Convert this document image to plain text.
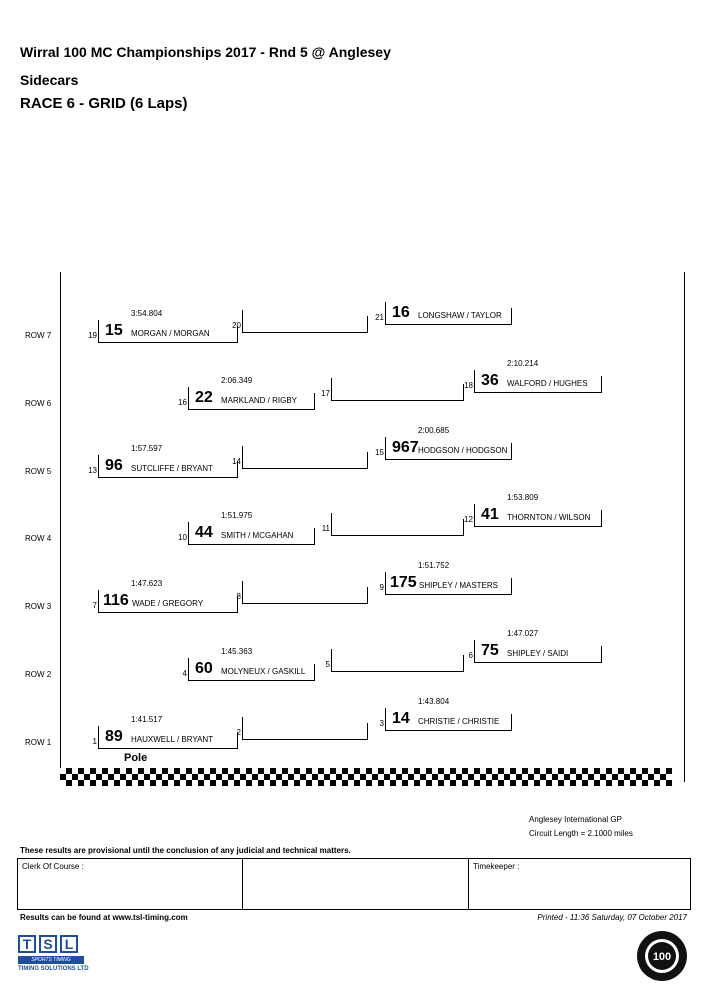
Wirral 100 MC Championships 2017 - Rnd 5 @ Anglesey
Sidecars
RACE 6 - GRID (6 Laps)
ROW 7
ROW 6
ROW 5
ROW 4
ROW 3
ROW 2
ROW 1
19
3:54.804
15 MORGAN / MORGAN
20
21 16 LONGSHAW / TAYLOR
16
2:06.349
22 MARKLAND / RIGBY
17
18
2:10.214
36 WALFORD / HUGHES
13
1:57.597
96 SUTCLIFFE / BRYANT
14
15
2:00.685
967 HODGSON / HODGSON
10
1:51.975
44 SMITH / MCGAHAN
11
12
1:53.809
41 THORNTON / WILSON
7
1:47.623
116 WADE / GREGORY
8
9
1:51.752
175 SHIPLEY / MASTERS
4
1:45.363
60 MOLYNEUX / GASKILL
5
6
1:47.027
75 SHIPLEY / SAIDI
1
1:41.517
89 HAUXWELL / BRYANT
2
3
1:43.804
14 CHRISTIE / CHRISTIE
Pole
Anglesey International GP
Circuit Length = 2.1000 miles
These results are provisional until the conclusion of any judicial and technical matters.
Clerk Of Course :	Timekeeper :
Results can be found at www.tsl-timing.com	Printed - 11:36 Saturday, 07 October 2017
T S L
SPORTS TIMING
TIMING SOLUTIONS LTD
100
